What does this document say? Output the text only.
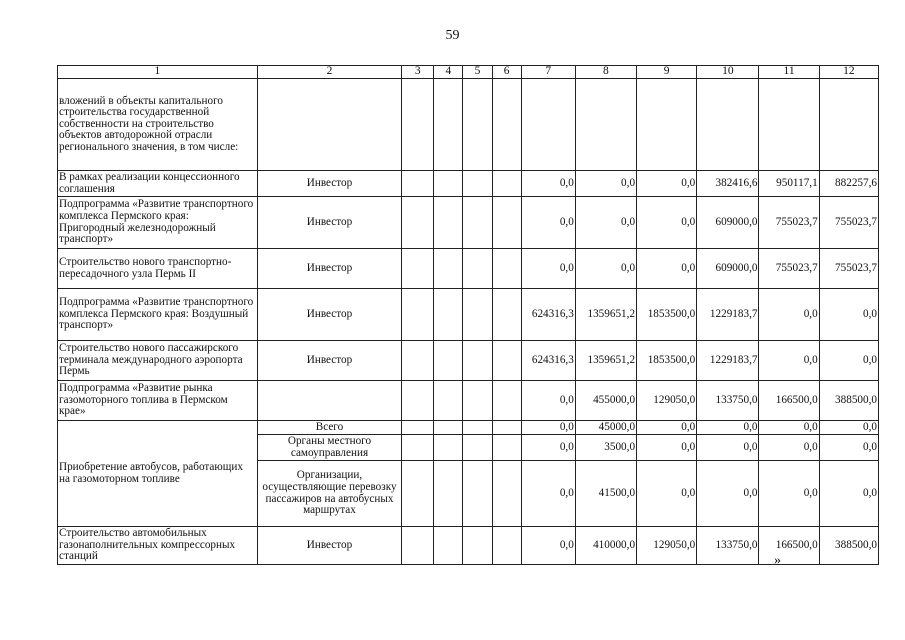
59
1	2	3	4	5	6	7	8	9	10	11	12
вложений в объекты капитального строительства государственной собственности на строительство объектов автодорожной отрасли регионального значения, в том числе:											
В рамках реализации концессионного соглашения	Инвестор					0,0	0,0	0,0	382416,6	950117,1	882257,6
Подпрограмма «Развитие транспортного комплекса Пермского края: Пригородный железнодорожный транспорт»	Инвестор					0,0	0,0	0,0	609000,0	755023,7	755023,7
Строительство нового транспортно-пересадочного узла Пермь II	Инвестор					0,0	0,0	0,0	609000,0	755023,7	755023,7
Подпрограмма «Развитие транспортного комплекса Пермского края: Воздушный транспорт»	Инвестор					624316,3	1359651,2	1853500,0	1229183,7	0,0	0,0
Строительство нового пассажирского терминала международного аэропорта Пермь	Инвестор					624316,3	1359651,2	1853500,0	1229183,7	0,0	0,0
Подпрограмма «Развитие рынка газомоторного топлива в Пермском крае»						0,0	455000,0	129050,0	133750,0	166500,0	388500,0
Приобретение автобусов, работающих на газомоторном топливе	Всего					0,0	45000,0	0,0	0,0	0,0	0,0
	Органы местного самоуправления					0,0	3500,0	0,0	0,0	0,0	0,0
	Организации, осуществляющие перевозку пассажиров на автобусных маршрутах					0,0	41500,0	0,0	0,0	0,0	0,0
Строительство автомобильных газонаполнительных компрессорных станций	Инвестор					0,0	410000,0	129050,0	133750,0	166500,0	388500,0
»
